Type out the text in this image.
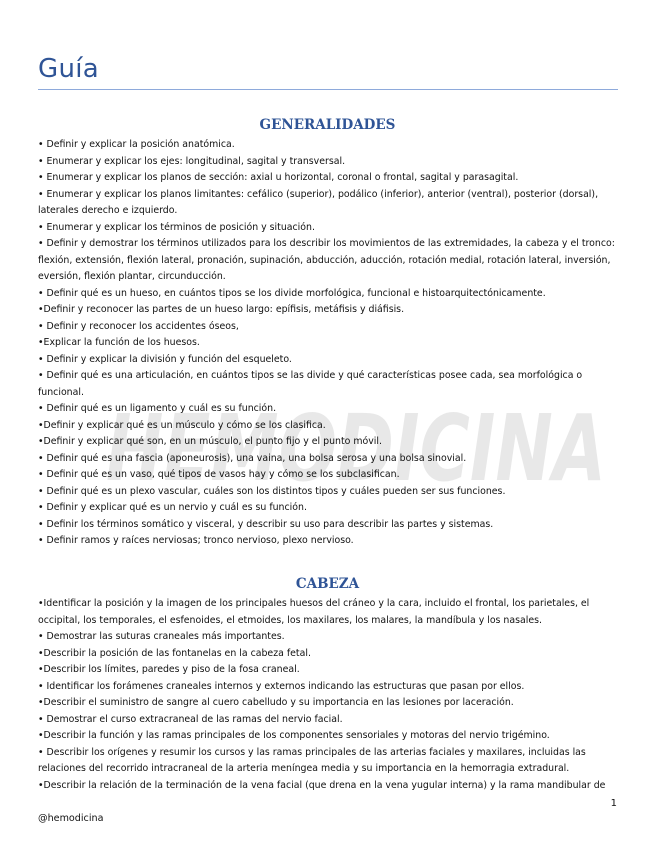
Guía
HEMODICINA
GENERALIDADES
• Definir y explicar la posición anatómica.
• Enumerar y explicar los ejes: longitudinal, sagital y transversal.
• Enumerar y explicar los planos de sección: axial u horizontal, coronal o frontal, sagital y parasagital.
• Enumerar y explicar los planos limitantes: cefálico (superior), podálico (inferior), anterior (ventral), posterior (dorsal), laterales derecho e izquierdo.
• Enumerar y explicar los términos de posición y situación.
• Definir y demostrar los términos utilizados para los describir los movimientos de las extremidades, la cabeza y el tronco: flexión, extensión, flexión lateral, pronación, supinación, abducción, aducción, rotación medial, rotación lateral, inversión, eversión, flexión plantar, circunducción.
• Definir qué es un hueso, en cuántos tipos se los divide morfológica, funcional e histoarquitectónicamente.
•Definir y reconocer las partes de un hueso largo: epífisis, metáfisis y diáfisis.
• Definir y reconocer los accidentes óseos,
•Explicar la función de los huesos.
• Definir y explicar la división y función del esqueleto.
• Definir qué es una articulación, en cuántos tipos se las divide y qué características posee cada, sea morfológica o funcional.
• Definir qué es un ligamento y cuál es su función.
•Definir y explicar qué es un músculo y cómo se los clasifica.
•Definir y explicar qué son, en un músculo, el punto fijo y el punto móvil.
• Definir qué es una fascia (aponeurosis), una vaina, una bolsa serosa y una bolsa sinovial.
• Definir qué es un vaso, qué tipos de vasos hay y cómo se los subclasifican.
• Definir qué es un plexo vascular, cuáles son los distintos tipos y cuáles pueden ser sus funciones.
• Definir y explicar qué es un nervio y cuál es su función.
• Definir los términos somático y visceral, y describir su uso para describir las partes y sistemas.
• Definir ramos y raíces nerviosas; tronco nervioso, plexo nervioso.
CABEZA
•Identificar la posición y la imagen de los principales huesos del cráneo y la cara, incluido el frontal, los parietales, el occipital, los temporales, el esfenoides, el etmoides, los maxilares, los malares, la mandíbula y los nasales.
• Demostrar las suturas craneales más importantes.
•Describir la posición de las fontanelas en la cabeza fetal.
•Describir los límites, paredes y piso de la fosa craneal.
• Identificar los forámenes craneales internos y externos indicando las estructuras que pasan por ellos.
•Describir el suministro de sangre al cuero cabelludo y su importancia en las lesiones por laceración.
• Demostrar el curso extracraneal de las ramas del nervio facial.
•Describir la función y las ramas principales de los componentes sensoriales y motoras del nervio trigémino.
• Describir los orígenes y resumir los cursos y las ramas principales de las arterias faciales y maxilares, incluidas las relaciones del recorrido intracraneal de la arteria meníngea media y su importancia en la hemorragia extradural.
•Describir la relación de la terminación de la vena facial (que drena en la vena yugular interna) y la rama mandibular de
1
@hemodicina
